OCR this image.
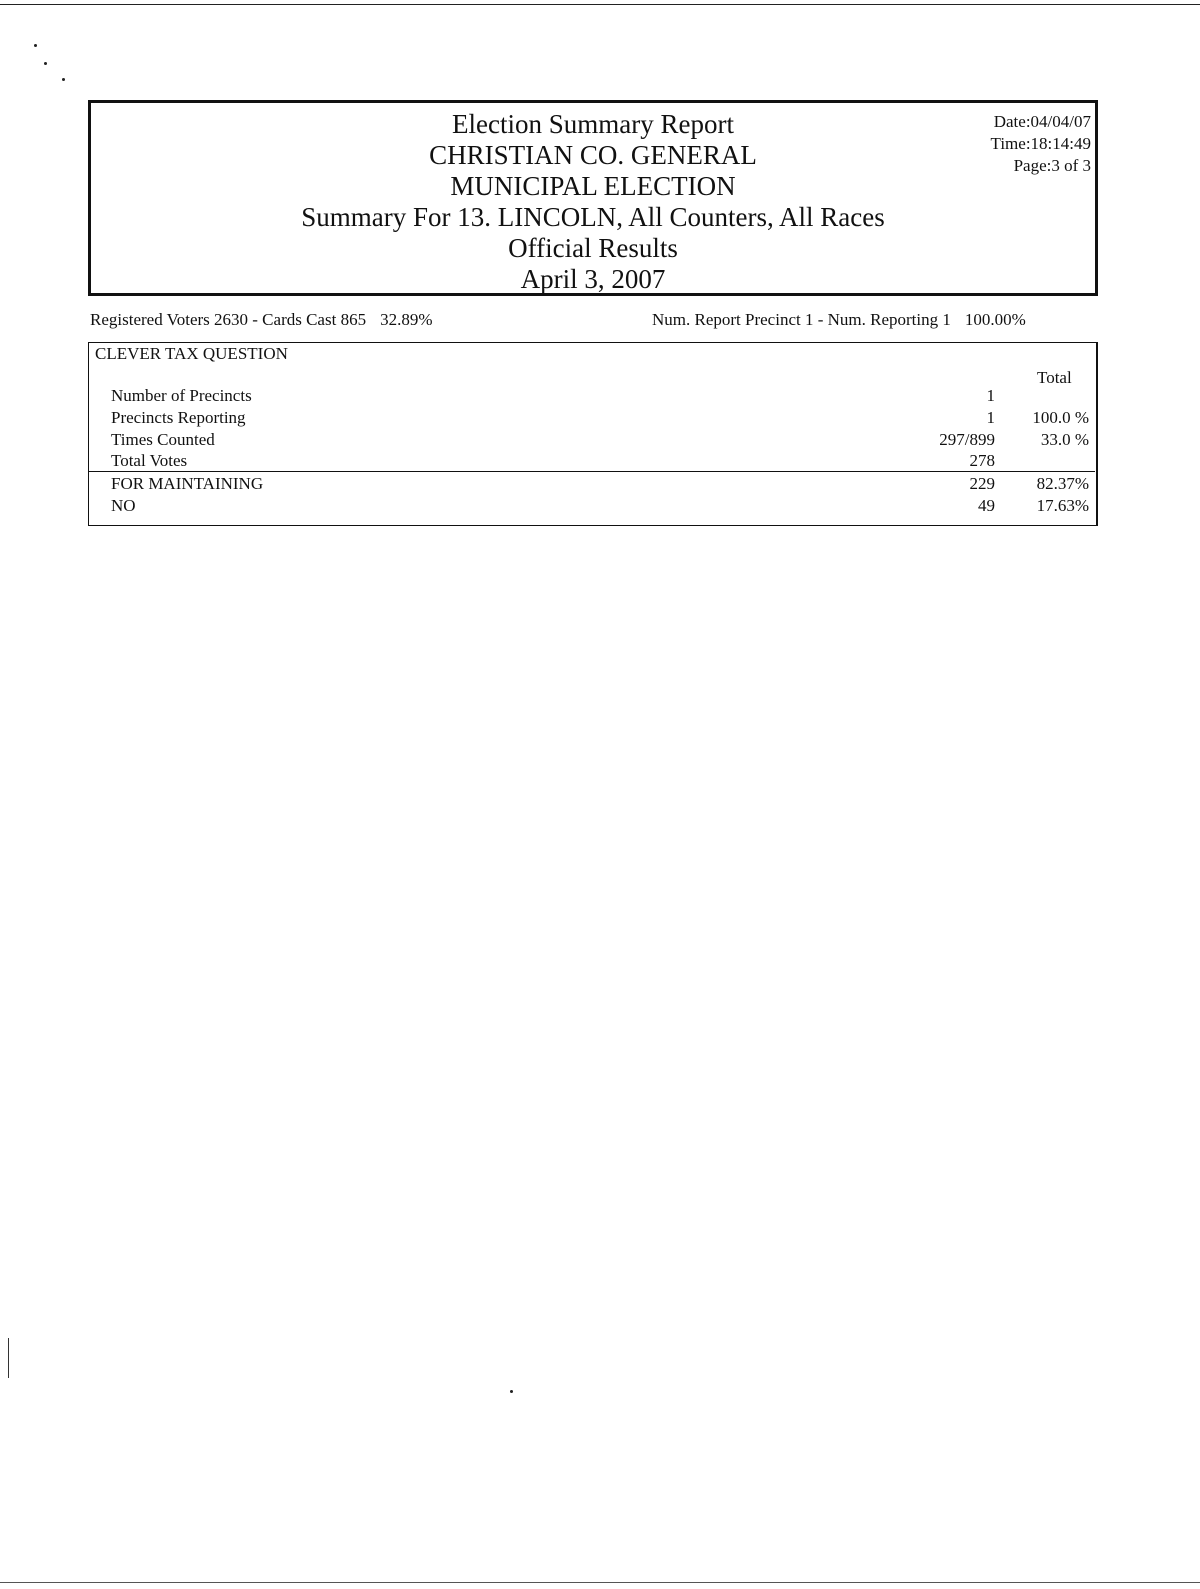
Election Summary Report
CHRISTIAN CO. GENERAL
MUNICIPAL ELECTION
Summary For 13. LINCOLN, All Counters, All Races
Official Results
April 3, 2007
Date:04/04/07
Time:18:14:49
Page:3 of 3
Registered Voters 2630 - Cards Cast 865 32.89%	Num. Report Precinct 1 - Num. Reporting 1 100.00%
CLEVER TAX QUESTION
Total
Number of Precincts	1
Precincts Reporting	1 100.0 %
Times Counted	297/899	33.0 %
Total Votes	278
FOR MAINTAINING	229 82.37%
NO	49 17.63%
